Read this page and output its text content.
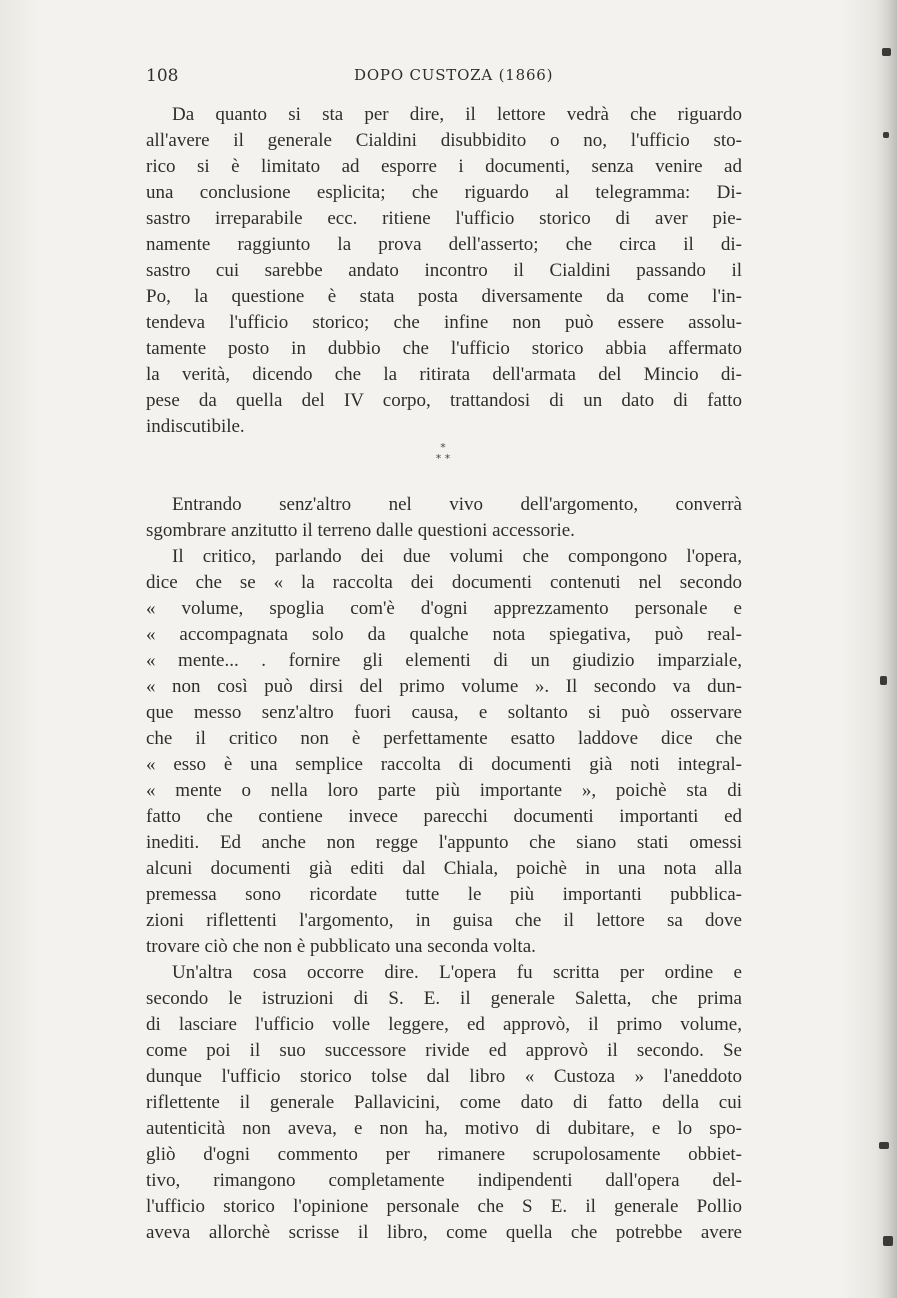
108	DOPO CUSTOZA (1866)
Da quanto si sta per dire, il lettore vedrà che riguardo
all'avere il generale Cialdini disubbidito o no, l'ufficio sto-
rico si è limitato ad esporre i documenti, senza venire ad
una conclusione esplicita; che riguardo al telegramma: Di-
sastro irreparabile ecc. ritiene l'ufficio storico di aver pie-
namente raggiunto la prova dell'asserto; che circa il di-
sastro cui sarebbe andato incontro il Cialdini passando il
Po, la questione è stata posta diversamente da come l'in-
tendeva l'ufficio storico; che infine non può essere assolu-
tamente posto in dubbio che l'ufficio storico abbia affermato
la verità, dicendo che la ritirata dell'armata del Mincio di-
pese da quella del IV corpo, trattandosi di un dato di fatto
indiscutibile.
*
* *
Entrando senz'altro nel vivo dell'argomento, converrà
sgombrare anzitutto il terreno dalle questioni accessorie.
Il critico, parlando dei due volumi che compongono l'opera,
dice che se « la raccolta dei documenti contenuti nel secondo
« volume, spoglia com'è d'ogni apprezzamento personale e
« accompagnata solo da qualche nota spiegativa, può real-
« mente... . fornire gli elementi di un giudizio imparziale,
« non così può dirsi del primo volume ». Il secondo va dun-
que messo senz'altro fuori causa, e soltanto si può osservare
che il critico non è perfettamente esatto laddove dice che
« esso è una semplice raccolta di documenti già noti integral-
« mente o nella loro parte più importante », poichè sta di
fatto che contiene invece parecchi documenti importanti ed
inediti. Ed anche non regge l'appunto che siano stati omessi
alcuni documenti già editi dal Chiala, poichè in una nota alla
premessa sono ricordate tutte le più importanti pubblica-
zioni riflettenti l'argomento, in guisa che il lettore sa dove
trovare ciò che non è pubblicato una seconda volta.
Un'altra cosa occorre dire. L'opera fu scritta per ordine e
secondo le istruzioni di S. E. il generale Saletta, che prima
di lasciare l'ufficio volle leggere, ed approvò, il primo volume,
come poi il suo successore rivide ed approvò il secondo. Se
dunque l'ufficio storico tolse dal libro « Custoza » l'aneddoto
riflettente il generale Pallavicini, come dato di fatto della cui
autenticità non aveva, e non ha, motivo di dubitare, e lo spo-
gliò d'ogni commento per rimanere scrupolosamente obbiet-
tivo, rimangono completamente indipendenti dall'opera del-
l'ufficio storico l'opinione personale che S E. il generale Pollio
aveva allorchè scrisse il libro, come quella che potrebbe avere
